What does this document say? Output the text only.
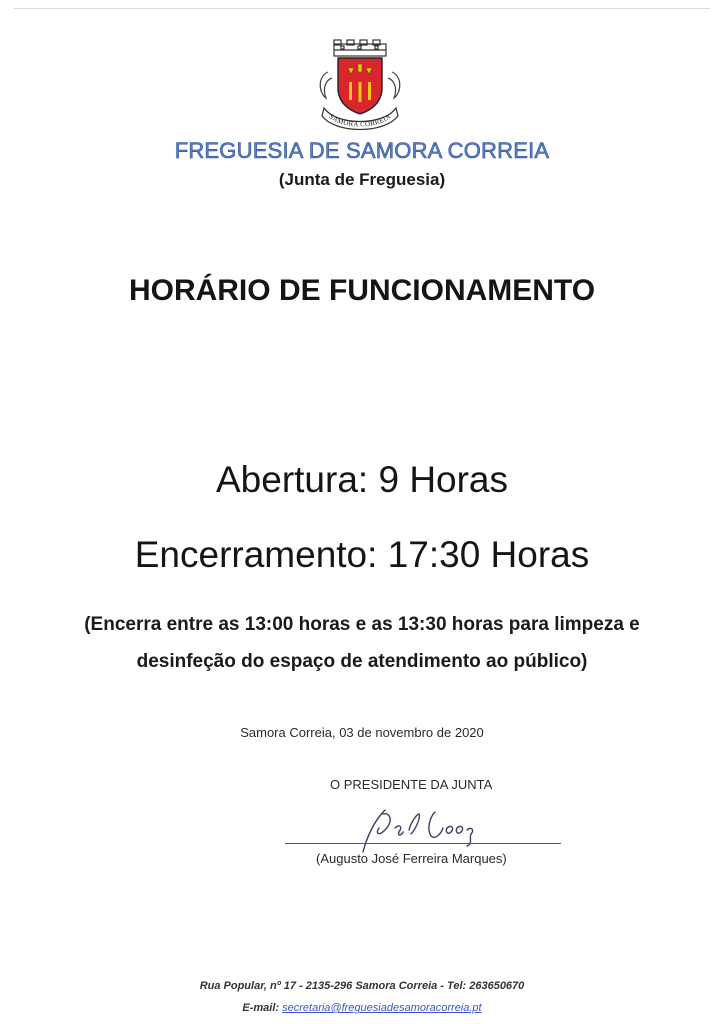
SAMORA CORREIA
FREGUESIA DE SAMORA CORREIA
(Junta de Freguesia)
HORÁRIO DE FUNCIONAMENTO
Abertura: 9 Horas
Encerramento: 17:30 Horas
(Encerra entre as 13:00 horas e as 13:30 horas para limpeza e
desinfeção do espaço de atendimento ao público)
Samora Correia, 03 de novembro de 2020
O PRESIDENTE DA JUNTA
(Augusto José Ferreira Marques)
Rua Popular, nº 17 - 2135-296 Samora Correia - Tel: 263650670
E-mail: secretaria@freguesiadesamoracorreia.pt
